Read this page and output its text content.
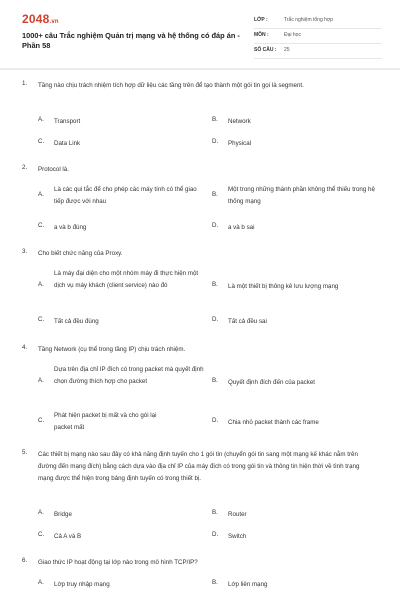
2048.vn
1000+ câu Trắc nghiệm Quản trị mạng và hệ thống có đáp án - Phần 58
LỚP :	Trắc nghiệm tổng hợp
MÔN :	Đại học
SỐ CÂU : 25
1. Tầng nào chịu trách nhiệm tích hợp dữ liệu các tầng trên để tạo thành một gói tin gọi là segment.
A. Transport	B. Network
C. Data Link	D. Physical
2. Protocol là.
A.
Là các qui tắc để cho phép các máy tính có thể giao tiếp được với nhau
B.
Một trong những thành phần không thể thiếu trong hệ thống mạng
C. a và b đúng	D. a và b sai
3. Cho biết chức năng của Proxy.
A.
Là máy đại diện cho một nhóm máy đi thực hiện một dịch vụ máy khách (client service) nào đó	B. Là một thiết bị thông kê lưu lượng mạng
C. Tất cả đều đúng	D. Tất cả đều sai
4. Tầng Network (cụ thể trong tầng IP) chịu trách nhiệm.
A.
Dựa trên địa chỉ IP đích có trong packet mà quyết định chọn đường thích hợp cho packet	B. Quyết định đích đến của packet
C.
Phát hiện packet bị mất và cho gói lại packet mất
D. Chia nhỏ packet thành các frame
5. Các thiết bị mạng nào sau đây có khả năng định tuyến cho 1 gói tin (chuyển gói tin sang một mạng kế khác nằm trên đường đến mạng đích) bằng cách dựa vào địa chỉ IP của máy đích có trong gói tin và thông tin hiện thời về tình trạng mạng được thể hiện trong bảng định tuyến có trong thiết bị.
A. Bridge	B. Router
C. Cả A và B	D. Switch
6. Giao thức IP hoạt động tại lớp nào trong mô hình TCP/IP?
A. Lớp truy nhập mạng	B. Lớp liên mạng
